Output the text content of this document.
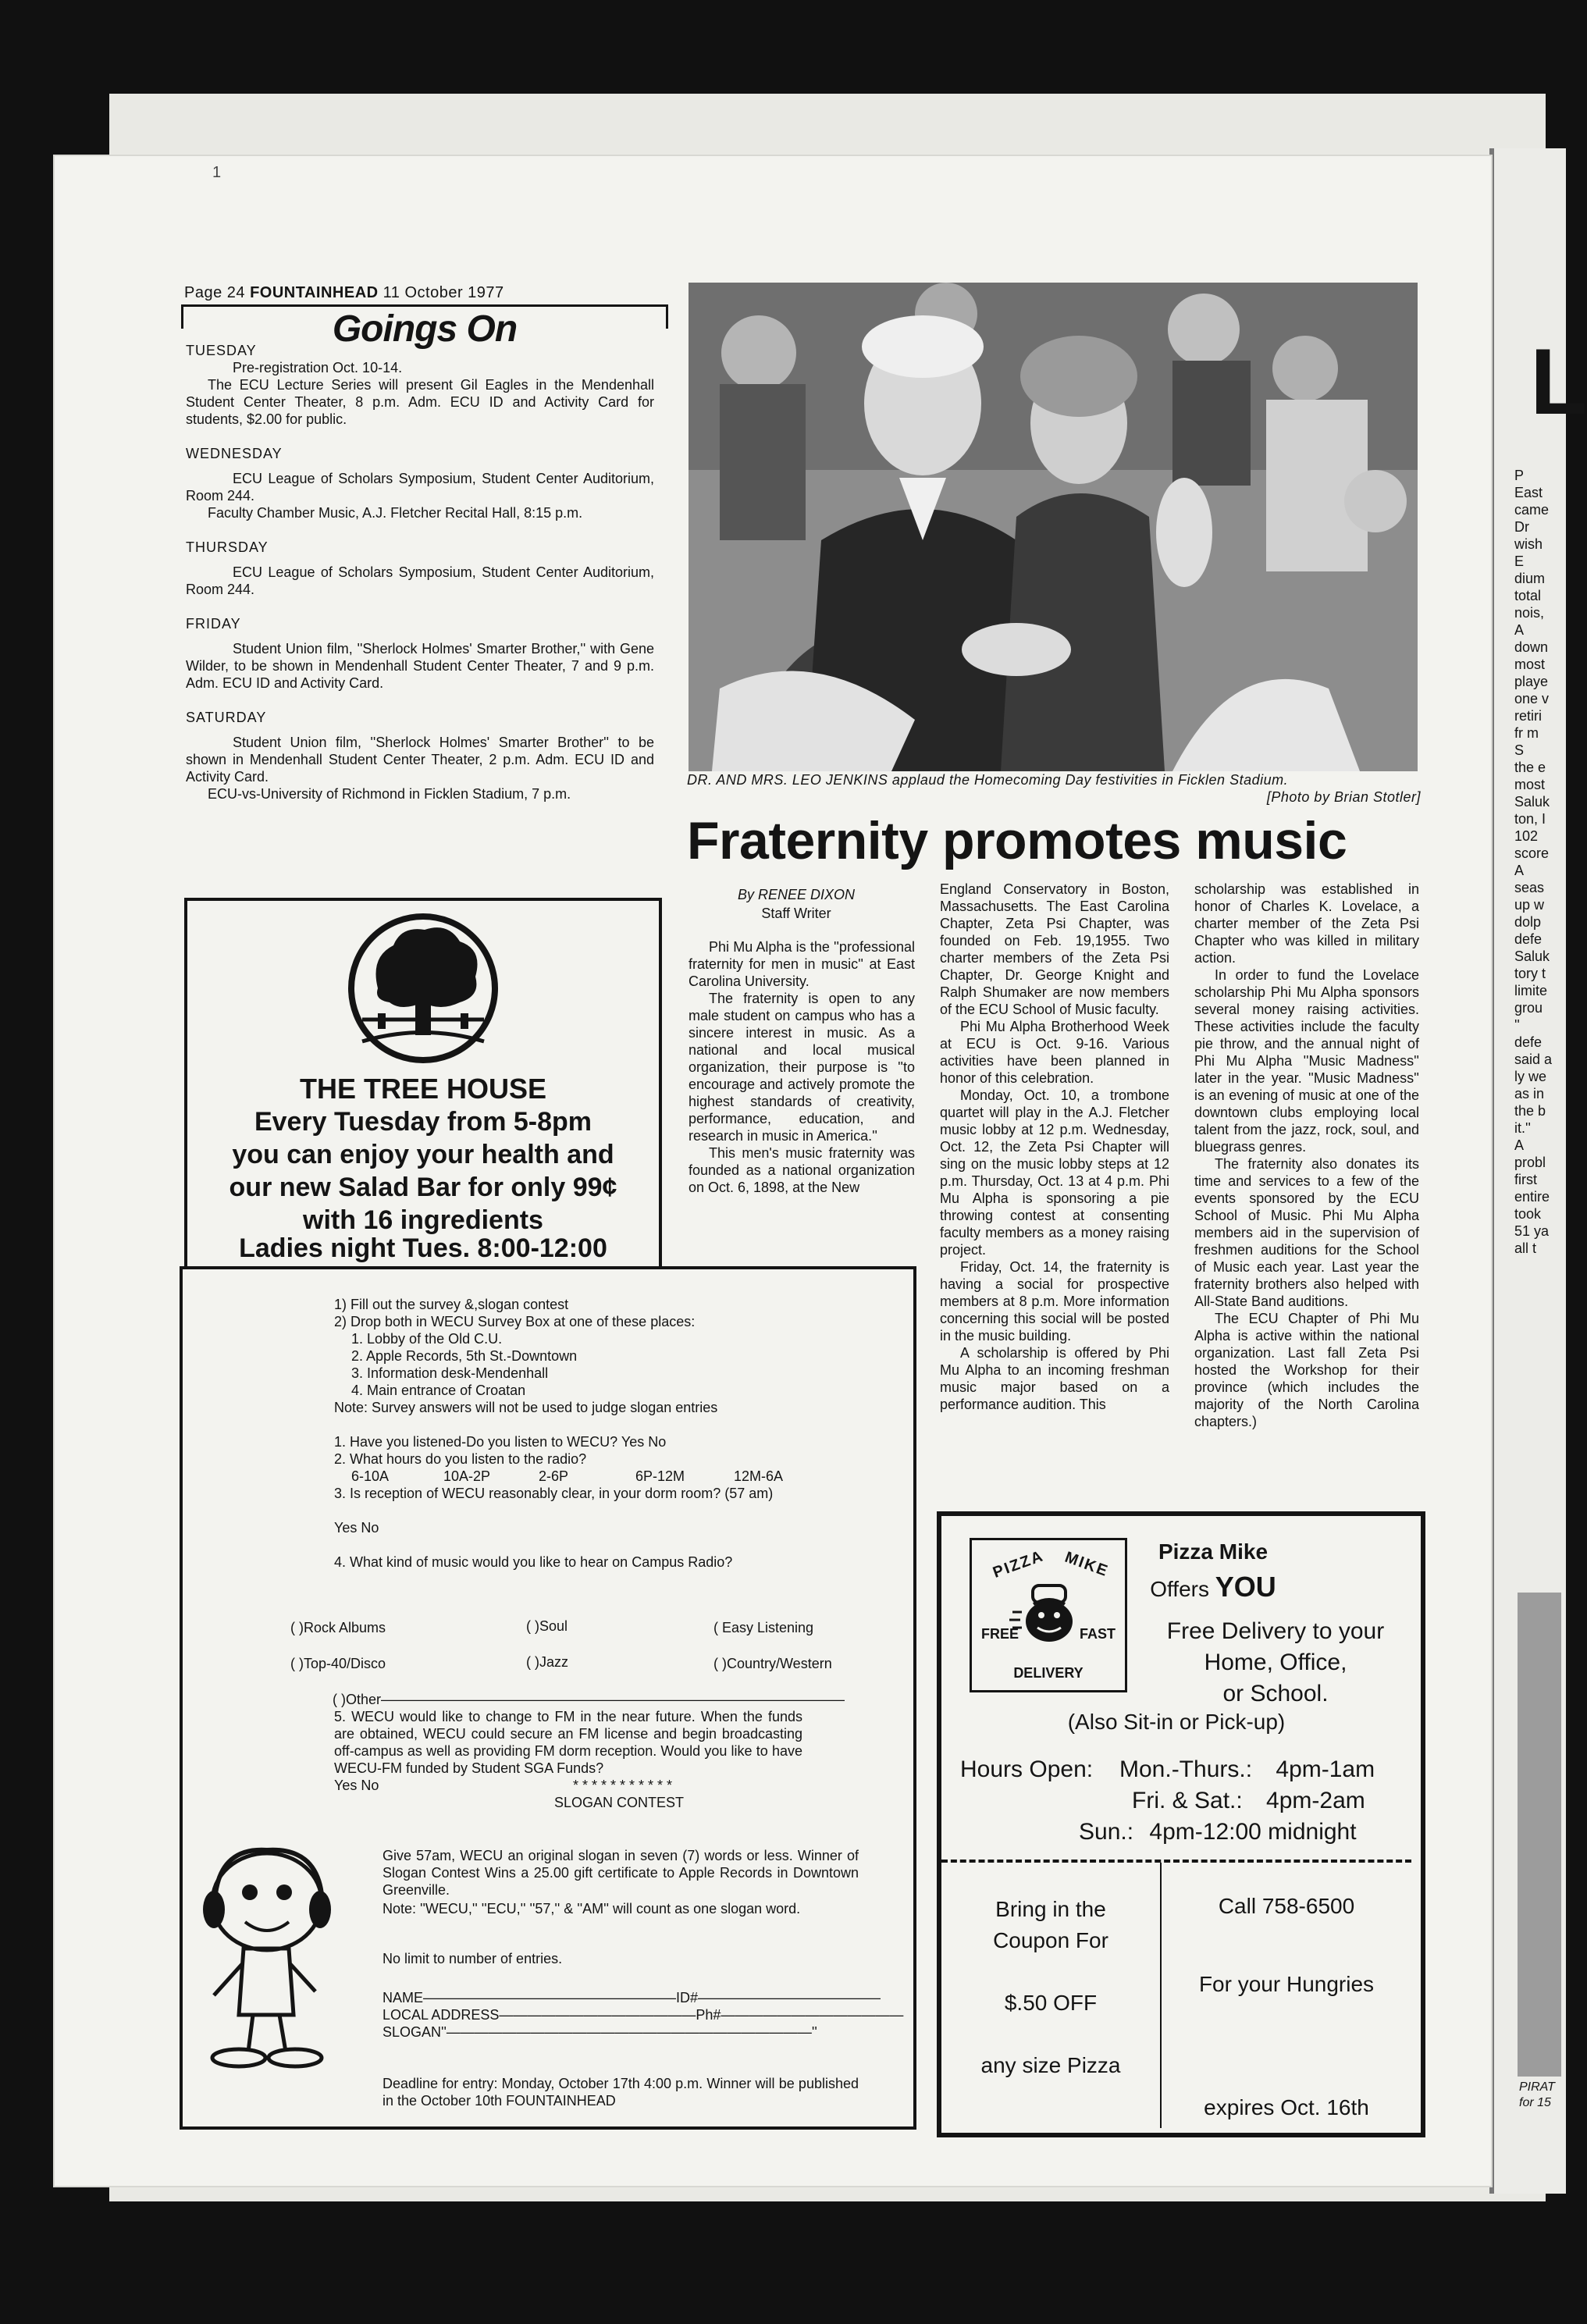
1
Page 24 FOUNTAINHEAD 11 October 1977
Goings On

TUESDAY

Pre-registration Oct. 10-14.

The ECU Lecture Series will present Gil Eagles in the Mendenhall Student Center Theater, 8 p.m. Adm. ECU ID and Activity Card for students, $2.00 for public.

WEDNESDAY

ECU League of Scholars Symposium, Student Center Auditorium, Room 244.

Faculty Chamber Music, A.J. Fletcher Recital Hall, 8:15 p.m.

THURSDAY

ECU League of Scholars Symposium, Student Center Auditorium, Room 244.

FRIDAY

Student Union film, ''Sherlock Holmes' Smarter Brother,'' with Gene Wilder, to be shown in Mendenhall Student Center Theater, 7 and 9 p.m. Adm. ECU ID and Activity Card.

SATURDAY

Student Union film, ''Sherlock Holmes' Smarter Brother'' to be shown in Mendenhall Student Center Theater, 2 p.m. Adm. ECU ID and Activity Card.

ECU-vs-University of Richmond in Ficklen Stadium, 7 p.m.

DR. AND MRS. LEO JENKINS applaud the Homecoming Day festivities in Ficklen Stadium.
[Photo by Brian Stotler]
Fraternity promotes music
By RENEE DIXON
Staff Writer

Phi Mu Alpha is the ''professional fraternity for men in music'' at East Carolina University.

The fraternity is open to any male student on campus who has a sincere interest in music. As a national and local musical organization, their purpose is ''to encourage and actively promote the highest standards of creativity, performance, education, and research in music in America.''

This men's music fraternity was founded as a national organization on Oct. 6, 1898, at the New

England Conservatory in Boston, Massachusetts. The East Carolina Chapter, Zeta Psi Chapter, was founded on Feb. 19,1955. Two charter members of the Zeta Psi Chapter, Dr. George Knight and Ralph Shumaker are now members of the ECU School of Music faculty.

Phi Mu Alpha Brotherhood Week at ECU is Oct. 9-16. Various activities have been planned in honor of this celebration.

Monday, Oct. 10, a trombone quartet will play in the A.J. Fletcher music lobby at 12 p.m. Wednesday, Oct. 12, the Zeta Psi Chapter will sing on the music lobby steps at 12 p.m. Thursday, Oct. 13 at 4 p.m. Phi Mu Alpha is sponsoring a pie throwing contest at consenting faculty members as a money raising project.

Friday, Oct. 14, the fraternity is having a social for prospective members at 8 p.m. More information concerning this social will be posted in the music building.

A scholarship is offered by Phi Mu Alpha to an incoming freshman music major based on a performance audition. This

scholarship was established in honor of Charles K. Lovelace, a charter member of the Zeta Psi Chapter who was killed in military action.

In order to fund the Lovelace scholarship Phi Mu Alpha sponsors several money raising activities. These activities include the faculty pie throw, and the annual night of Phi Mu Alpha ''Music Madness'' later in the year. ''Music Madness'' is an evening of music at one of the downtown clubs employing local talent from the jazz, rock, soul, and bluegrass genres.

The fraternity also donates its time and services to a few of the events sponsored by the ECU School of Music. Phi Mu Alpha members aid in the supervision of freshmen auditions for the School of Music each year. Last year the fraternity brothers also helped with All-State Band auditions.

The ECU Chapter of Phi Mu Alpha is active within the national organization. Last fall Zeta Psi hosted the Workshop for their province (which includes the majority of the North Carolina chapters.)

THE TREE HOUSE
Every Tuesday from 5-8pm
you can enjoy your health and
our new Salad Bar for only 99¢
with 16 ingredients
Ladies night Tues. 8:00-12:00
1) Fill out the survey &,slogan contest
2) Drop both in WECU Survey Box at one of these places:
1. Lobby of the Old C.U.
2. Apple Records, 5th St.-Downtown
3. Information desk-Mendenhall
4. Main entrance of Croatan
Note: Survey answers will not be used to judge slogan entries
1. Have you listened-Do you listen to WECU? Yes No
2. What hours do you listen to the radio?
6-10A	10A-2P	2-6P	6P-12M	12M-6A
3. Is reception of WECU reasonably clear, in your dorm room? (57 am)
Yes No
4. What kind of music would you like to hear on Campus Radio?
( )Rock Albums	( )Soul	( Easy Listening
( )Top-40/Disco	( )Jazz	( )Country/Western
( )Other—————————————————————————————————
5. WECU would like to change to FM in the near future. When the funds are obtained, WECU could secure an FM license and begin broadcasting off-campus as well as providing FM dorm reception. Would you like to have WECU-FM funded by Student SGA Funds?
Yes No	* * * * * * * * * * *
SLOGAN CONTEST
Give 57am, WECU an original slogan in seven (7) words or less. Winner of Slogan Contest Wins a 25.00 gift certificate to Apple Records in Downtown Greenville.
Note: ''WECU,'' ''ECU,'' ''57,'' & ''AM'' will count as one slogan word.
No limit to number of entries.
NAME——————————————————ID#—————————————
LOCAL ADDRESS——————————————Ph#—————————————
SLOGAN''——————————————————————————''
Deadline for entry: Monday, October 17th 4:00 p.m. Winner will be published in the October 10th FOUNTAINHEAD
PIZZA MIKE
FREE	FAST
DELIVERY
Pizza Mike
Offers YOU
Free Delivery to your
Home, Office,
or School.
(Also Sit-in or Pick-up)
Hours Open: Mon.-Thurs.: 4pm-1am
Fri. & Sat.: 4pm-2am
Sun.: 4pm-12:00 midnight
Bring in the
Coupon For
$.50 OFF
any size Pizza
Call 758-6500
For your Hungries
expires Oct. 16th
L
P
East
came
Dr
wish
E
dium
total
nois,
A
down
most
playe
one v
retiri
fr m
S
the e
most
Saluk
ton, I
102
score
A
seas
up w
dolp
defe
Saluk
tory t
limite
grou
''
defe
said a
ly we
as in
the b
it.''
A
probl
first
entire
took
51 ya
all t
PIRAT
for 15
